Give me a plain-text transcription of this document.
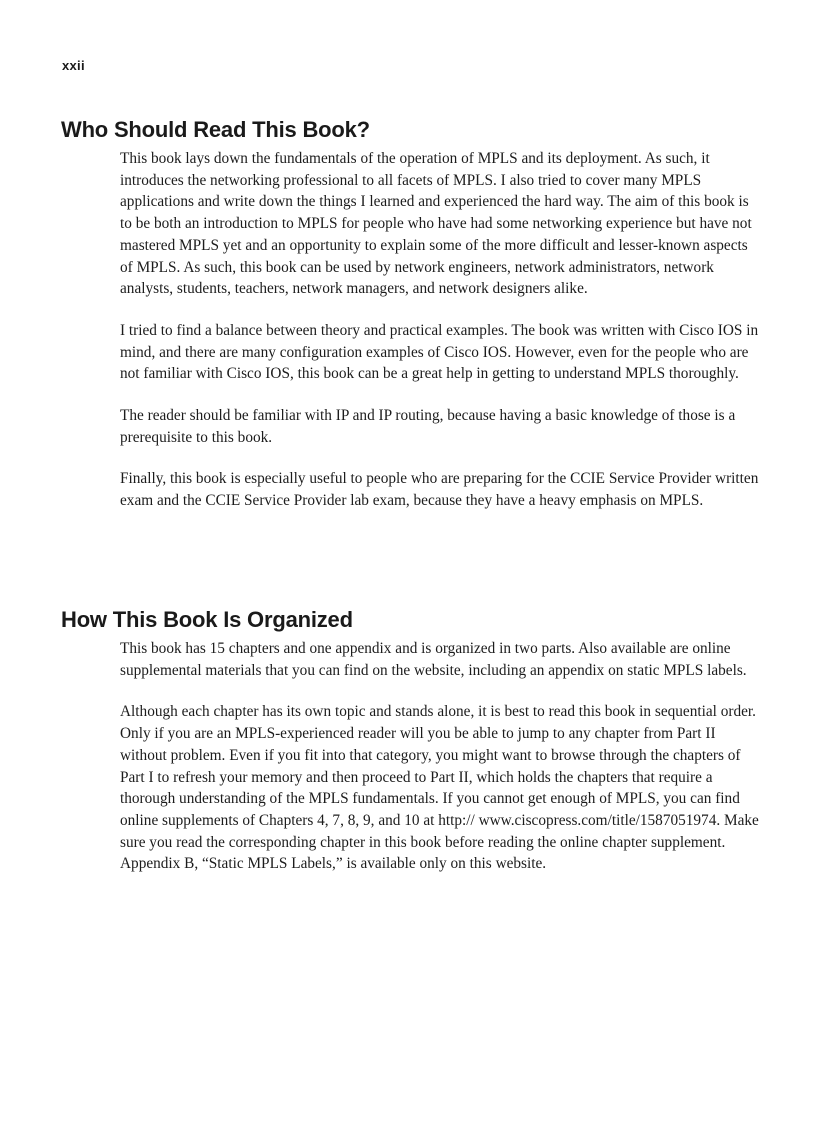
xxii
Who Should Read This Book?

This book lays down the fundamentals of the operation of MPLS and its deployment. As such, it introduces the networking professional to all facets of MPLS. I also tried to cover many MPLS applications and write down the things I learned and experienced the hard way. The aim of this book is to be both an introduction to MPLS for people who have had some networking experience but have not mastered MPLS yet and an opportunity to explain some of the more difficult and lesser-known aspects of MPLS. As such, this book can be used by network engineers, network administrators, network analysts, students, teachers, network managers, and network designers alike.

I tried to find a balance between theory and practical examples. The book was written with Cisco IOS in mind, and there are many configuration examples of Cisco IOS. However, even for the people who are not familiar with Cisco IOS, this book can be a great help in getting to understand MPLS thoroughly.

The reader should be familiar with IP and IP routing, because having a basic knowledge of those is a prerequisite to this book.

Finally, this book is especially useful to people who are preparing for the CCIE Service Provider written exam and the CCIE Service Provider lab exam, because they have a heavy emphasis on MPLS.

How This Book Is Organized

This book has 15 chapters and one appendix and is organized in two parts. Also available are online supplemental materials that you can find on the website, including an appendix on static MPLS labels.

Although each chapter has its own topic and stands alone, it is best to read this book in sequential order. Only if you are an MPLS-experienced reader will you be able to jump to any chapter from Part II without problem. Even if you fit into that category, you might want to browse through the chapters of Part I to refresh your memory and then proceed to Part II, which holds the chapters that require a thorough understanding of the MPLS fundamentals. If you cannot get enough of MPLS, you can find online supplements of Chapters 4, 7, 8, 9, and 10 at http:// www.ciscopress.com/title/1587051974. Make sure you read the corresponding chapter in this book before reading the online chapter supplement. Appendix B, “Static MPLS Labels,” is available only on this website.
